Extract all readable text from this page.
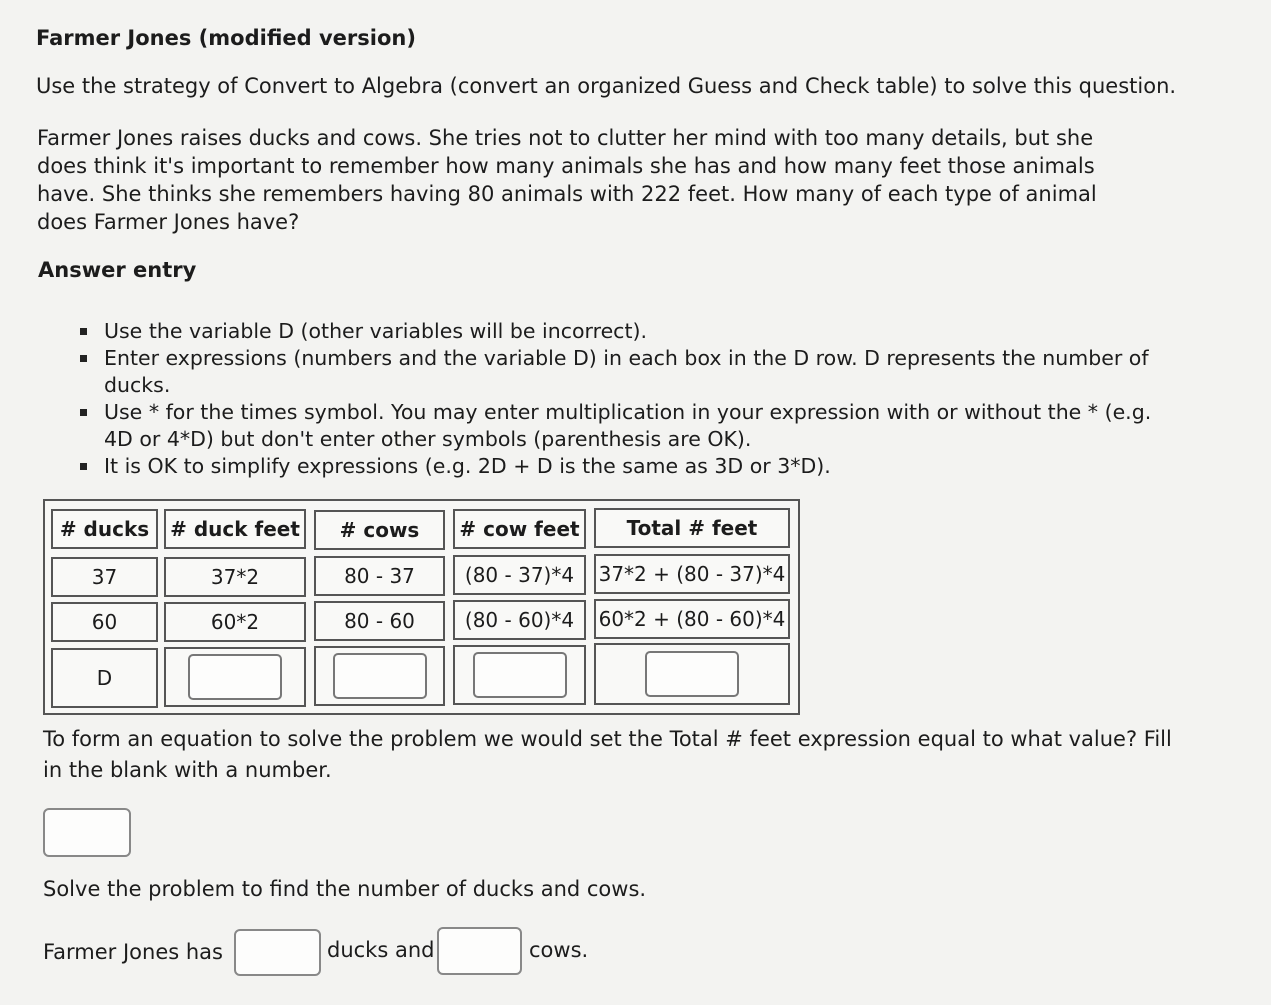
Farmer Jones (modified version)
Use the strategy of Convert to Algebra (convert an organized Guess and Check table) to solve this question.

Farmer Jones raises ducks and cows. She tries not to clutter her mind with too many details, but she does think it's important to remember how many animals she has and how many feet those animals have. She thinks she remembers having 80 animals with 222 feet. How many of each type of animal does Farmer Jones have?

Answer entry
Use the variable D (other variables will be incorrect).
Enter expressions (numbers and the variable D) in each box in the D row. D represents the number of ducks.
Use * for the times symbol. You may enter multiplication in your expression with or without the * (e.g. 4D or 4*D) but don't enter other symbols (parenthesis are OK).
It is OK to simplify expressions (e.g. 2D + D is the same as 3D or 3*D).
# ducks	# duck feet	# cows	# cow feet	Total # feet
37	37*2	80 - 37	(80 - 37)*4	37*2 + (80 - 37)*4
60	60*2	80 - 60	(80 - 60)*4	60*2 + (80 - 60)*4
D

To form an equation to solve the problem we would set the Total # feet expression equal to what value? Fill in the blank with a number.

Solve the problem to find the number of ducks and cows.
Farmer Jones has	ducks and	cows.
